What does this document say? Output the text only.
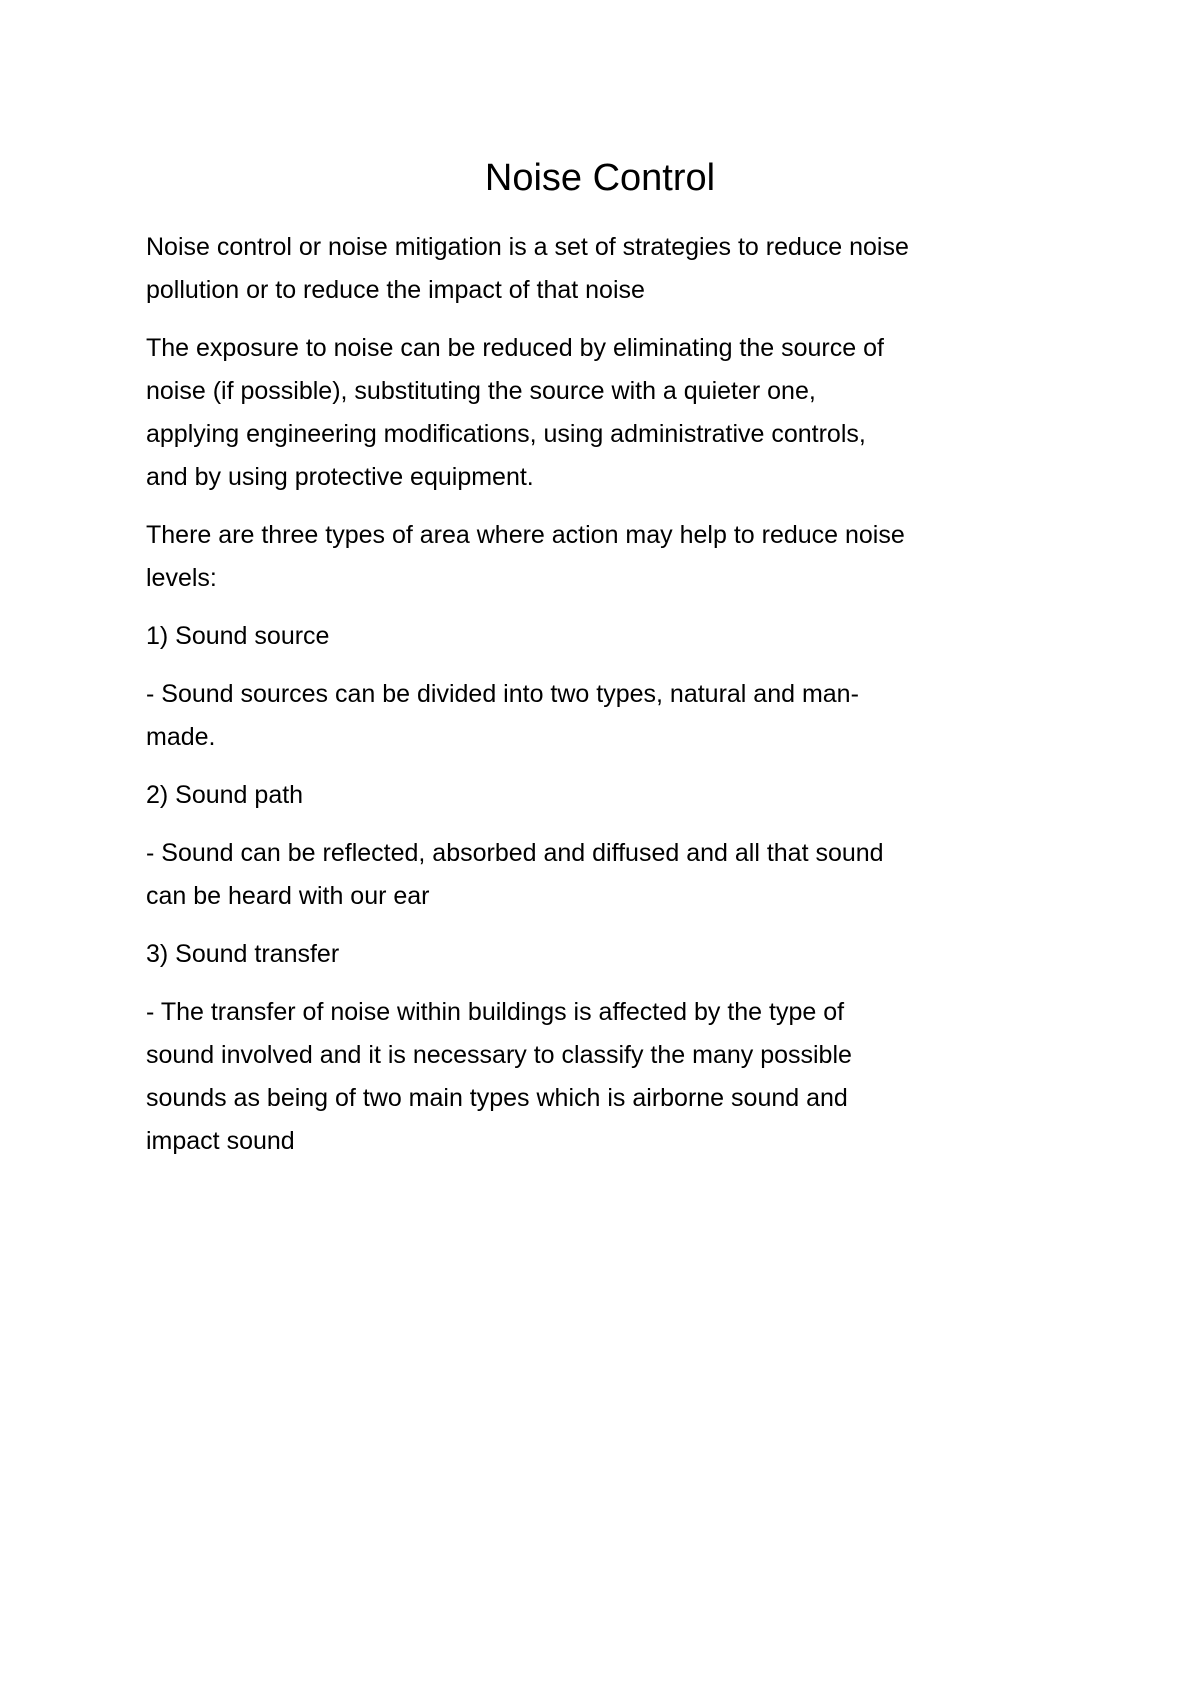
Noise Control

Noise control or noise mitigation is a set of strategies to reduce noise
pollution or to reduce the impact of that noise

The exposure to noise can be reduced by eliminating the source of
noise (if possible), substituting the source with a quieter one,
applying engineering modifications, using administrative controls,
and by using protective equipment.

There are three types of area where action may help to reduce noise
levels:

1) Sound source

- Sound sources can be divided into two types, natural and man-
made.

2) Sound path

- Sound can be reflected, absorbed and diffused and all that sound
can be heard with our ear

3) Sound transfer

- The transfer of noise within buildings is affected by the type of
sound involved and it is necessary to classify the many possible
sounds as being of two main types which is airborne sound and
impact sound
